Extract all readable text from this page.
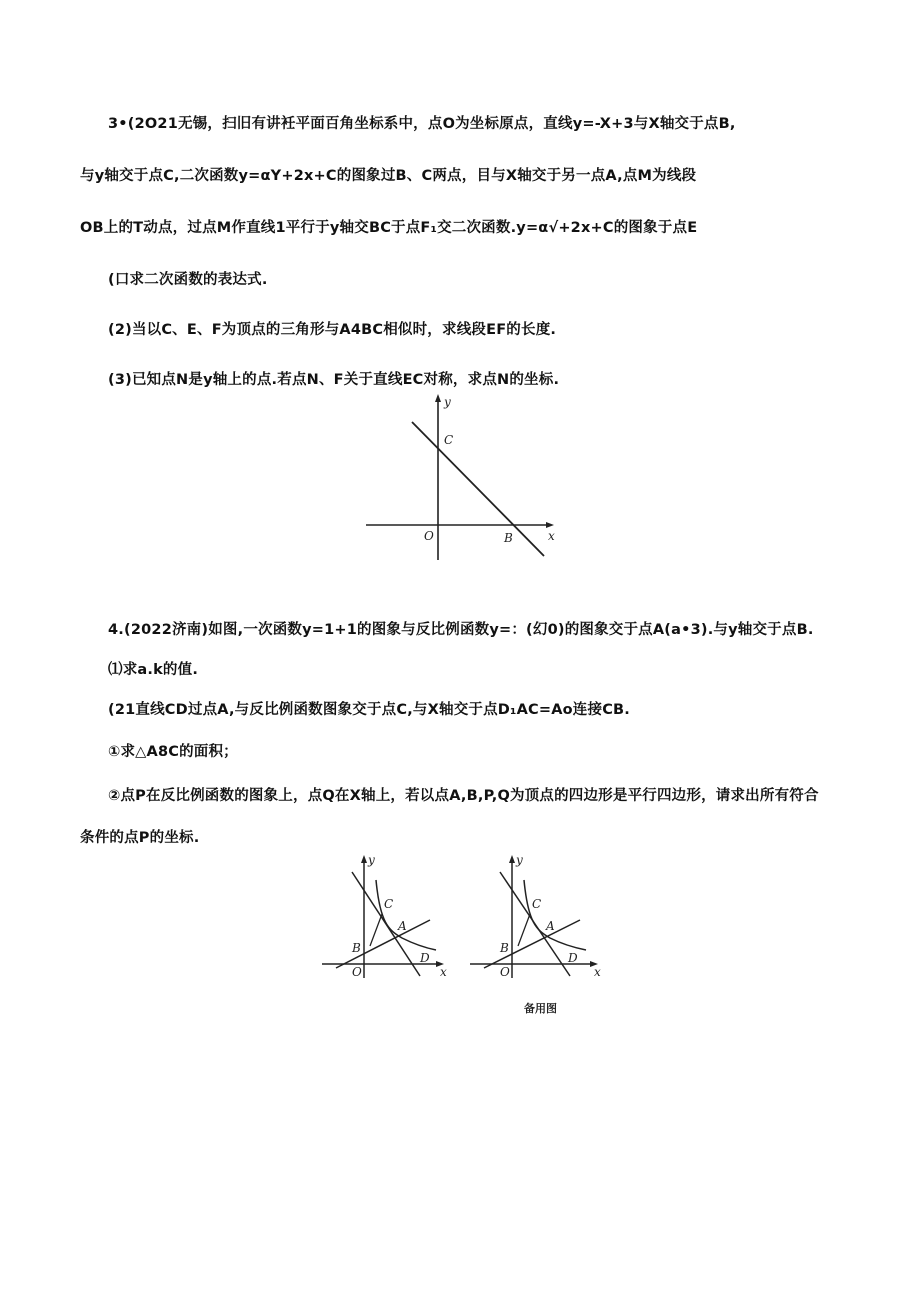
3•(2O21无锡，扫旧有讲衽平面百角坐标系中，点O为坐标原点，直线y=-X+3与X轴交于点B,
与y轴交于点C,二次函数y=αY+2x+C的图象过B、C两点，目与X轴交于另一点A,点M为线段
OB上的T动点，过点M作直线1平行于y轴交BC于点F₁交二次函数.y=α√+2x+C的图象于点E
(口求二次函数的表达式.
(2)当以C、E、F为顶点的三角形与A4BC相似时，求线段EF的长度.
(3)已知点N是y轴上的点.若点N、F关于直线EC对称，求点N的坐标.
y
C
O	B	x
4.(2022济南)如图,一次函数y=1+1的图象与反比例函数y=：(幻0)的图象交于点A(a•3).与y轴交于点B.
⑴求a.k的值.
(21直线CD过点A,与反比例函数图象交于点C,与X轴交于点D₁AC=Ao连接CB.
①求△A8C的面积；
②点P在反比例函数的图象上，点Q在X轴上，若以点A,B,P,Q为顶点的四边形是平行四边形，请求出所有符合
条件的点P的坐标.
y
C
A
B
O
D
x
y
C
A
B
O
D
x
备用图
